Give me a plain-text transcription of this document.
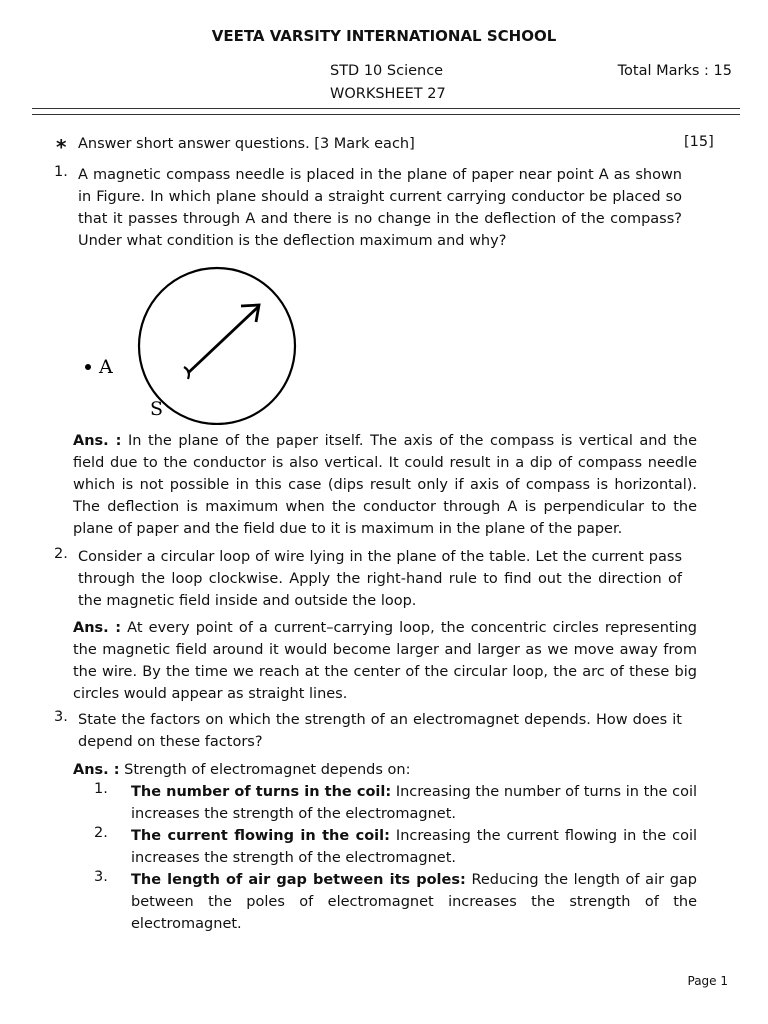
VEETA VARSITY INTERNATIONAL SCHOOL
STD 10 Science
WORKSHEET 27
Total Marks : 15
* Answer short answer questions. [3 Mark each]	[15]
1. A magnetic compass needle is placed in the plane of paper near point A as shown in Figure. In which plane should a straight current carrying conductor be placed so that it passes through A and there is no change in the deflection of the compass? Under what condition is the deflection maximum and why?
A
S
Ans. : In the plane of the paper itself. The axis of the compass is vertical and the field due to the conductor is also vertical. It could result in a dip of compass needle which is not possible in this case (dips result only if axis of compass is horizontal). The deflection is maximum when the conductor through A is perpendicular to the plane of paper and the field due to it is maximum in the plane of the paper.
2. Consider a circular loop of wire lying in the plane of the table. Let the current pass through the loop clockwise. Apply the right-hand rule to find out the direction of the magnetic field inside and outside the loop.
Ans. : At every point of a current–carrying loop, the concentric circles representing the magnetic field around it would become larger and larger as we move away from the wire. By the time we reach at the center of the circular loop, the arc of these big circles would appear as straight lines.
3. State the factors on which the strength of an electromagnet depends. How does it depend on these factors?
Ans. : Strength of electromagnet depends on:
1. The number of turns in the coil: Increasing the number of turns in the coil increases the strength of the electromagnet.
2. The current flowing in the coil: Increasing the current flowing in the coil increases the strength of the electromagnet.
3. The length of air gap between its poles: Reducing the length of air gap between the poles of electromagnet increases the strength of the electromagnet.
Page 1
